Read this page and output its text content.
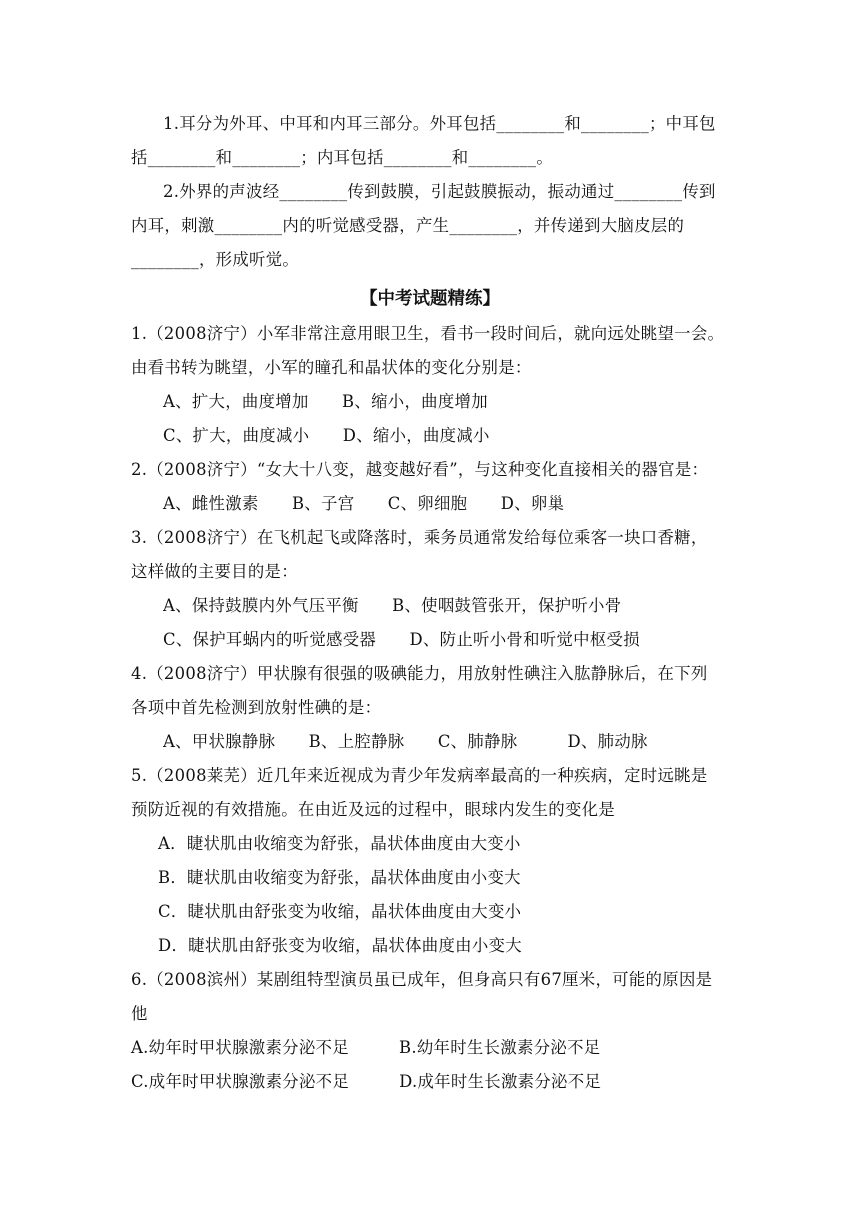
1.耳分为外耳、中耳和内耳三部分。外耳包括________和________；中耳包
括________和________；内耳包括________和________。
2.外界的声波经________传到鼓膜，引起鼓膜振动，振动通过________传到
内耳，刺激________内的听觉感受器，产生________，并传递到大脑皮层的
________，形成听觉。
【中考试题精练】
1.（2008济宁）小军非常注意用眼卫生，看书一段时间后，就向远处眺望一会。
由看书转为眺望，小军的瞳孔和晶状体的变化分别是：
A、扩大，曲度增加　　B、缩小，曲度增加
C、扩大，曲度减小　　D、缩小，曲度减小
2.（2008济宁）“女大十八变，越变越好看”，与这种变化直接相关的器官是：
A、雌性激素　　B、子宫　　C、卵细胞　　D、卵巢
3.（2008济宁）在飞机起飞或降落时，乘务员通常发给每位乘客一块口香糖，
这样做的主要目的是：
A、保持鼓膜内外气压平衡　　B、使咽鼓管张开，保护听小骨
C、保护耳蜗内的听觉感受器　　D、防止听小骨和听觉中枢受损
4.（2008济宁）甲状腺有很强的吸碘能力，用放射性碘注入肱静脉后，在下列
各项中首先检测到放射性碘的是：
A、甲状腺静脉　　B、上腔静脉　　C、肺静脉　　　D、肺动脉
5.（2008莱芜）近几年来近视成为青少年发病率最高的一种疾病，定时远眺是
预防近视的有效措施。在由近及远的过程中，眼球内发生的变化是
A．睫状肌由收缩变为舒张，晶状体曲度由大变小
B．睫状肌由收缩变为舒张，晶状体曲度由小变大
C．睫状肌由舒张变为收缩，晶状体曲度由大变小
D．睫状肌由舒张变为收缩，晶状体曲度由小变大
6.（2008滨州）某剧组特型演员虽已成年，但身高只有67厘米，可能的原因是
他
A.幼年时甲状腺激素分泌不足　　　B.幼年时生长激素分泌不足
C.成年时甲状腺激素分泌不足　　　D.成年时生长激素分泌不足
